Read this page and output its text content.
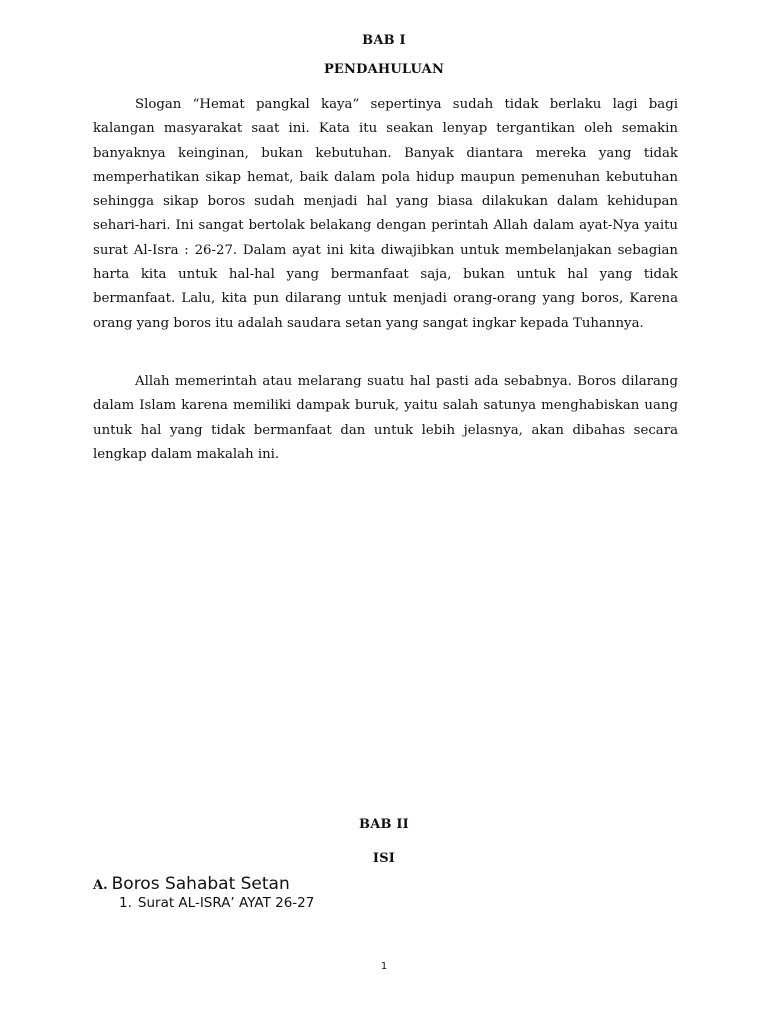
BAB I
PENDAHULUAN

Slogan “Hemat pangkal kaya” sepertinya sudah tidak berlaku lagi bagi kalangan masyarakat saat ini. Kata itu seakan lenyap tergantikan oleh semakin banyaknya keinginan, bukan kebutuhan. Banyak diantara mereka yang tidak memperhatikan sikap hemat, baik dalam pola hidup maupun pemenuhan kebutuhan sehingga sikap boros sudah menjadi hal yang biasa dilakukan dalam kehidupan sehari-hari. Ini sangat bertolak belakang dengan perintah Allah dalam ayat-Nya yaitu surat Al-Isra : 26-27. Dalam ayat ini kita diwajibkan untuk membelanjakan sebagian harta kita untuk hal-hal yang bermanfaat saja, bukan untuk hal yang tidak bermanfaat. Lalu, kita pun dilarang untuk menjadi orang-orang yang boros, Karena orang yang boros itu adalah saudara setan yang sangat ingkar kepada Tuhannya.

Allah memerintah atau melarang suatu hal pasti ada sebabnya. Boros dilarang dalam Islam karena memiliki dampak buruk, yaitu salah satunya menghabiskan uang untuk hal yang tidak bermanfaat dan untuk lebih jelasnya, akan dibahas secara lengkap dalam makalah ini.

BAB II
ISI
A. Boros Sahabat Setan
1. Surat AL-ISRA’ AYAT 26-27
1
